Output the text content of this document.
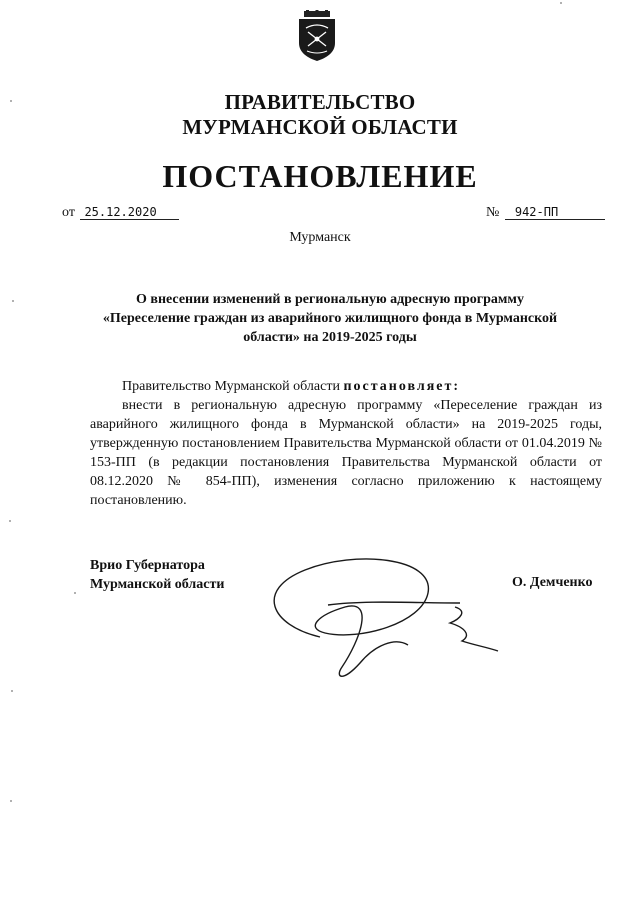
ПРАВИТЕЛЬСТВО
МУРМАНСКОЙ ОБЛАСТИ
ПОСТАНОВЛЕНИЕ
от 25.12.2020	№ 942-ПП
Мурманск
О внесении изменений в региональную адресную программу
«Переселение граждан из аварийного жилищного фонда в Мурманской
области» на 2019-2025 годы

Правительство Мурманской области постановляет:

внести в региональную адресную программу «Переселение граждан из аварийного жилищного фонда в Мурманской области» на 2019-2025 годы, утвержденную постановлением Правительства Мурманской области от 01.04.2019 № 153-ПП (в редакции постановления Правительства Мурманской области от 08.12.2020 № 854-ПП), изменения согласно приложению к настоящему постановлению.

Врио Губернатора
Мурманской области	О. Демченко
